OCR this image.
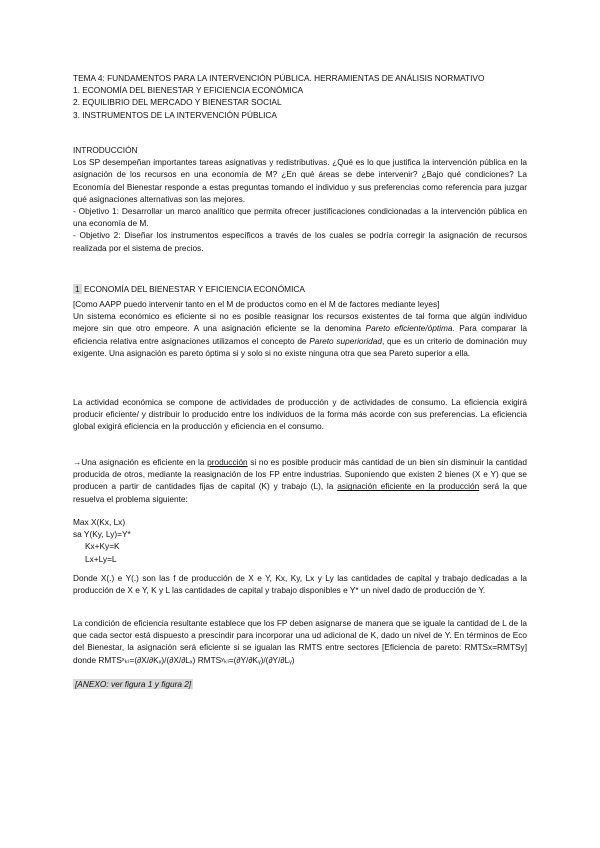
TEMA 4: FUNDAMENTOS PARA LA INTERVENCIÓN PÚBLICA. HERRAMIENTAS DE ANÁLISIS NORMATIVO
1. ECONOMÍA DEL BIENESTAR Y EFICIENCIA ECONÓMICA
2. EQUILIBRIO DEL MERCADO Y BIENESTAR SOCIAL
3. INSTRUMENTOS DE LA INTERVENCIÓN PÚBLICA
INTRODUCCIÓN

Los SP desempeñan importantes tareas asignativas y redistributivas. ¿Qué es lo que justifica la intervención pública en la asignación de los recursos en una economía de M? ¿En qué áreas se debe intervenir? ¿Bajo qué condiciones? La Economía del Bienestar responde a estas preguntas tomando el individuo y sus preferencias como referencia para juzgar qué asignaciones alternativas son las mejores.

- Objetivo 1: Desarrollar un marco analítico que permita ofrecer justificaciones condicionadas a la intervención pública en una economía de M.

- Objetivo 2: Diseñar los instrumentos específicos a través de los cuales se podría corregir la asignación de recursos realizada por el sistema de precios.

1 ECONOMÍA DEL BIENESTAR Y EFICIENCIA ECONÓMICA
[Como AAPP puedo intervenir tanto en el M de productos como en el M de factores mediante leyes]

Un sistema económico es eficiente si no es posible reasignar los recursos existentes de tal forma que algún individuo mejore sin que otro empeore. A una asignación eficiente se la denomina Pareto eficiente/óptima. Para comparar la eficiencia relativa entre asignaciones utilizamos el concepto de Pareto superioridad, que es un criterio de dominación muy exigente. Una asignación es pareto óptima si y solo si no existe ninguna otra que sea Pareto superior a ella.

La actividad económica se compone de actividades de producción y de actividades de consumo. La eficiencia exigirá producir eficiente/ y distribuir lo producido entre los individuos de la forma más acorde con sus preferencias. La eficiencia global exigirá eficiencia en la producción y eficiencia en el consumo.
→Una asignación es eficiente en la producción si no es posible producir más cantidad de un bien sin disminuir la cantidad producida de otros, mediante la reasignación de los FP entre industrias. Suponiendo que existen 2 bienes (X e Y) que se producen a partir de cantidades fijas de capital (K) y trabajo (L), la asignación eficiente en la producción será la que resuelva el problema siguiente:
Max X(Kx, Lx)
sa Y(Ky, Ly)=Y*
Kx+Ky=K
Lx+Ly=L
Donde X(.) e Y(.) son las f de producción de X e Y, Kx, Ky, Lx y Ly las cantidades de capital y trabajo dedicadas a la producción de X e Y, K y L las cantidades de capital y trabajo disponibles e Y* un nivel dado de producción de Y.
La condición de eficiencia resultante establece que los FP deben asignarse de manera que se iguale la cantidad de L de la que cada sector está dispuesto a prescindir para incorporar una ud adicional de K, dado un nivel de Y. En términos de Eco del Bienestar, la asignación será eficiente si se igualan las RMTS entre sectores [Eficiencia de pareto: RMTSx=RMTSy] donde RMTSˣₖₗ=(∂X/∂Kₓ)/(∂X/∂Lₓ) RMTSʸₖₗ=(∂Y/∂Kᵧ)/(∂Y/∂Lᵧ)
[ANEXO: ver figura 1 y figura 2]
